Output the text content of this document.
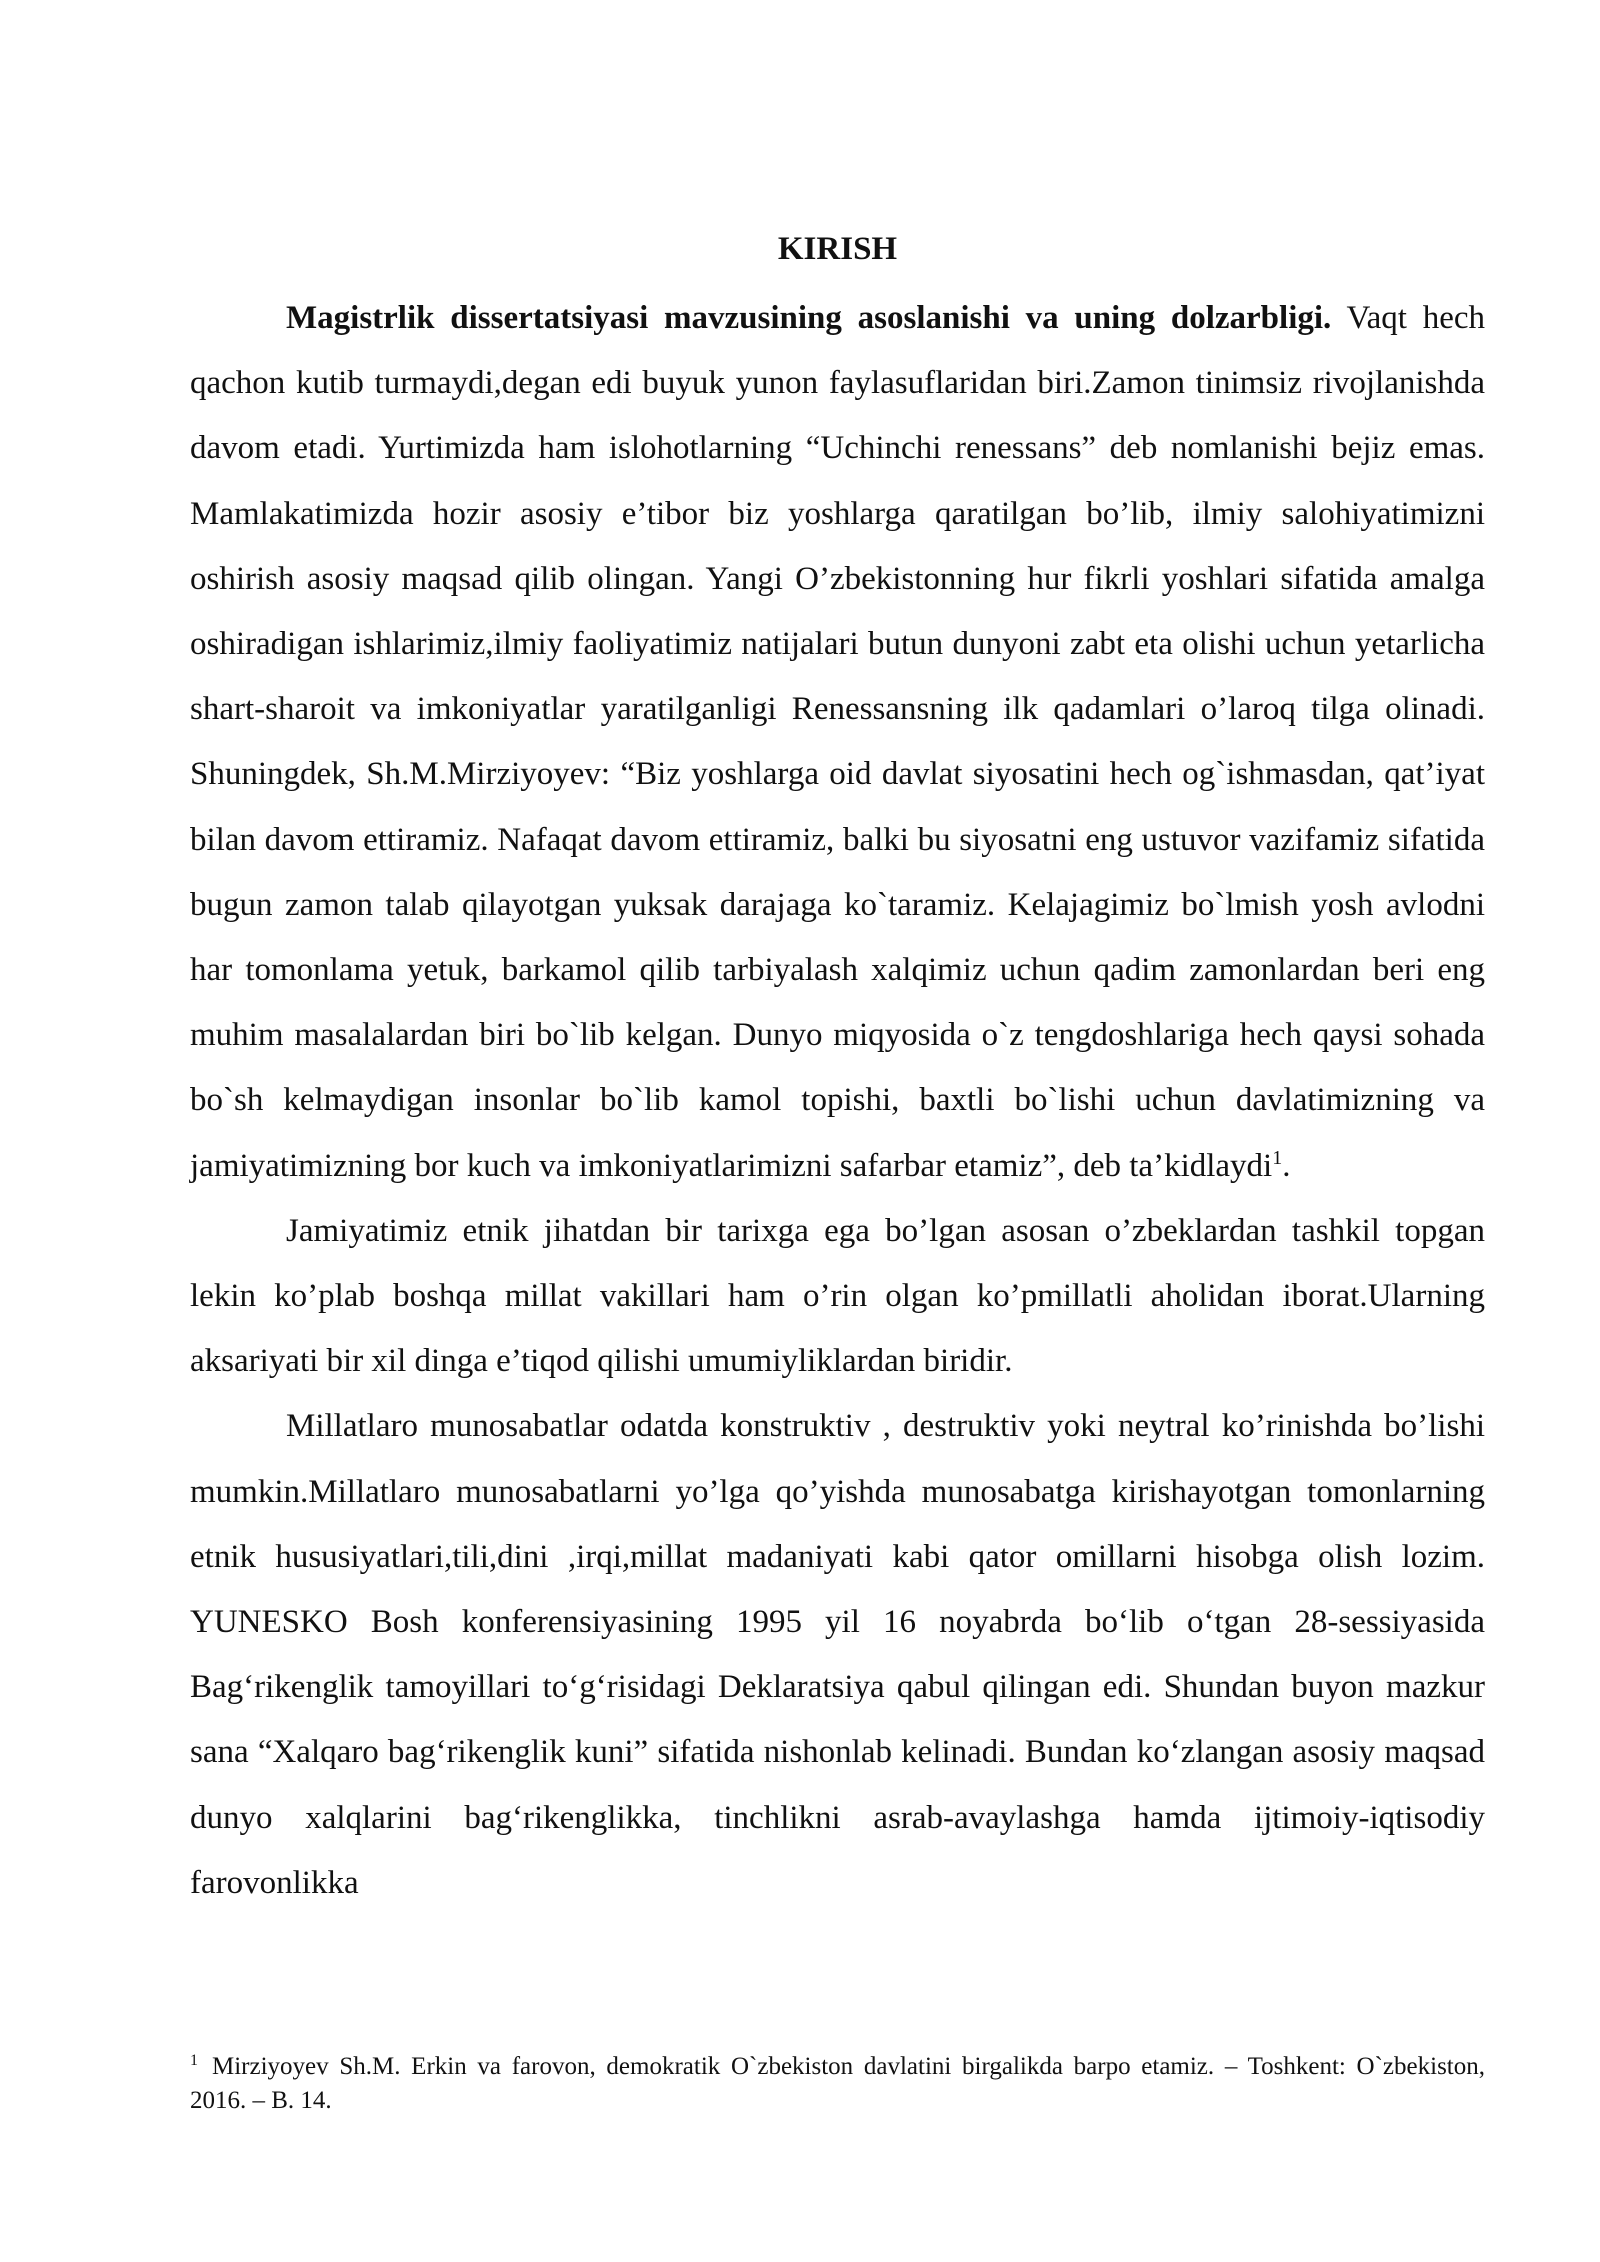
KIRISH

Magistrlik dissertatsiyasi mavzusining asoslanishi va uning dolzarbligi. Vaqt hech qachon kutib turmaydi,degan edi buyuk yunon faylasuflaridan biri.Zamon tinimsiz rivojlanishda davom etadi. Yurtimizda ham islohotlarning “Uchinchi renessans” deb nomlanishi bejiz emas. Mamlakatimizda hozir asosiy e’tibor biz yoshlarga qaratilgan bo’lib, ilmiy salohiyatimizni oshirish asosiy maqsad qilib olingan. Yangi O’zbekistonning hur fikrli yoshlari sifatida amalga oshiradigan ishlarimiz,ilmiy faoliyatimiz natijalari butun dunyoni zabt eta olishi uchun yetarlicha shart-sharoit va imkoniyatlar yaratilganligi Renessansning ilk qadamlari o’laroq tilga olinadi. Shuningdek, Sh.M.Mirziyoyev: “Biz yoshlarga oid davlat siyosatini hech og`ishmasdan, qat’iyat bilan davom ettiramiz. Nafaqat davom ettiramiz, balki bu siyosatni eng ustuvor vazifamiz sifatida bugun zamon talab qilayotgan yuksak darajaga ko`taramiz. Kelajagimiz bo`lmish yosh avlodni har tomonlama yetuk, barkamol qilib tarbiyalash xalqimiz uchun qadim zamonlardan beri eng muhim masalalardan biri bo`lib kelgan. Dunyo miqyosida o`z tengdoshlariga hech qaysi sohada bo`sh kelmaydigan insonlar bo`lib kamol topishi, baxtli bo`lishi uchun davlatimizning va jamiyatimizning bor kuch va imkoniyatlarimizni safarbar etamiz”, deb ta’kidlaydi$^1$.

Jamiyatimiz etnik jihatdan bir tarixga ega bo’lgan asosan o’zbeklardan tashkil topgan lekin ko’plab boshqa millat vakillari ham o’rin olgan ko’pmillatli aholidan iborat.Ularning aksariyati bir xil dinga e’tiqod qilishi umumiyliklardan biridir.

Millatlaro munosabatlar odatda konstruktiv , destruktiv yoki neytral ko’rinishda bo’lishi mumkin.Millatlaro munosabatlarni yo’lga qo’yishda munosabatga kirishayotgan tomonlarning etnik hususiyatlari,tili,dini ,irqi,millat madaniyati kabi qator omillarni hisobga olish lozim. YUNESKO Bosh konferensiyasining 1995 yil 16 noyabrda bo‘lib o‘tgan 28-sessiyasida Bag‘rikenglik tamoyillari to‘g‘risidagi Deklaratsiya qabul qilingan edi. Shundan buyon mazkur sana “Xalqaro bag‘rikenglik kuni” sifatida nishonlab kelinadi. Bundan ko‘zlangan asosiy maqsad dunyo xalqlarini bag‘rikenglikka, tinchlikni asrab-avaylashga hamda ijtimoiy-iqtisodiy farovonlikka

$^1$ Mirziyoyev Sh.M. Erkin va farovon, demokratik O`zbekiston davlatini birgalikda barpo etamiz. – Toshkent: O`zbekiston, 2016. – B. 14.
